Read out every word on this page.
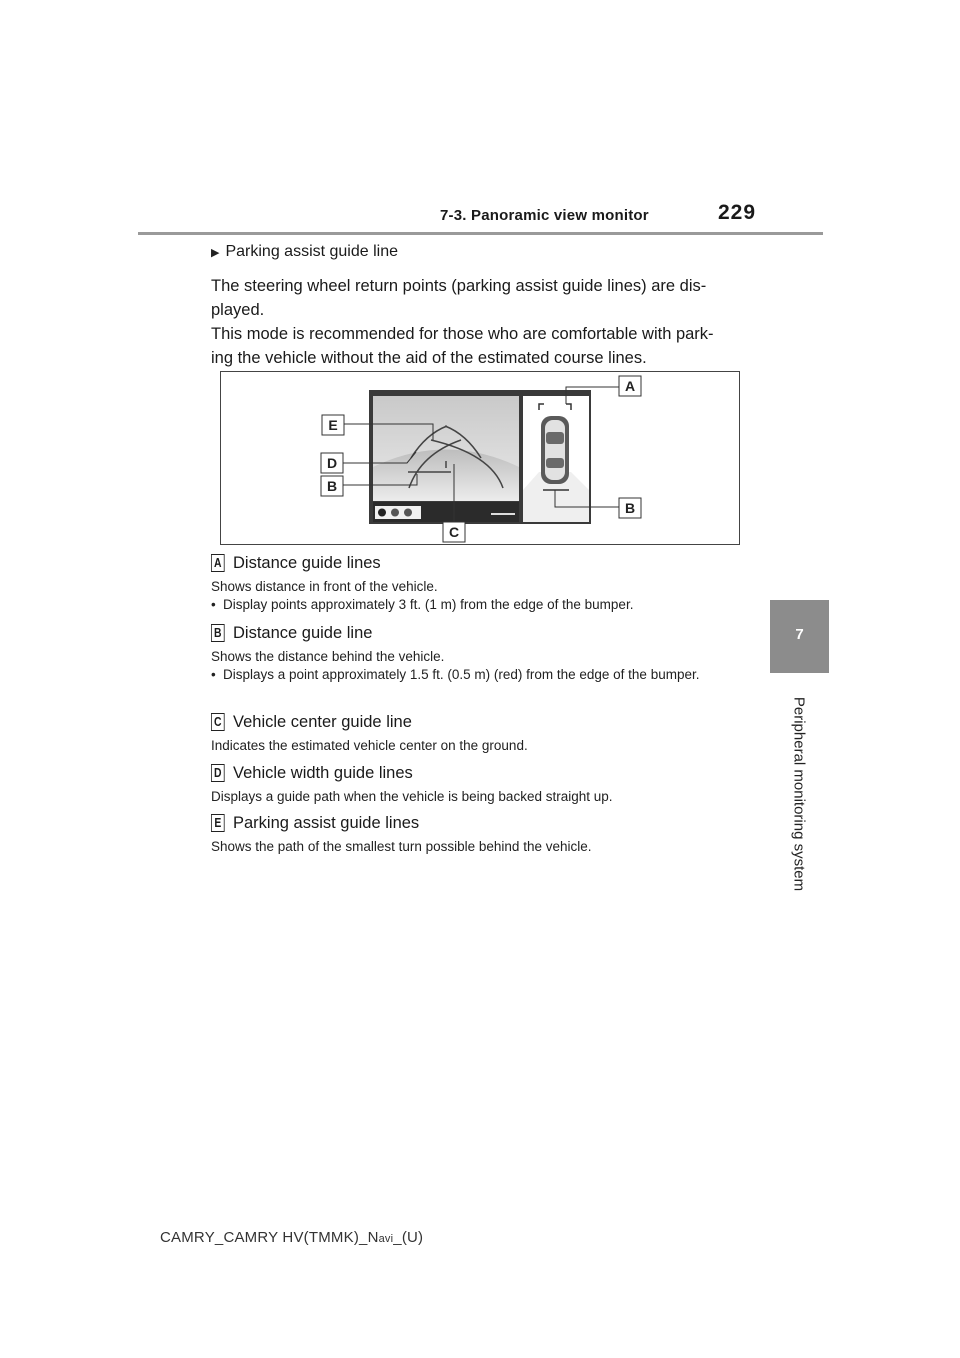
7-3. Panoramic view monitor	229
7
Peripheral monitoring system
▶ Parking assist guide line
The steering wheel return points (parking assist guide lines) are dis-
played.
This mode is recommended for those who are comfortable with park-
ing the vehicle without the aid of the estimated course lines.
A
E
D
B
C
B
A Distance guide lines
Shows distance in front of the vehicle.
• Display points approximately 3 ft. (1 m) from the edge of the bumper.
B Distance guide line
Shows the distance behind the vehicle.
• Displays a point approximately 1.5 ft. (0.5 m) (red) from the edge of the bumper.
C Vehicle center guide line
Indicates the estimated vehicle center on the ground.
D Vehicle width guide lines
Displays a guide path when the vehicle is being backed straight up.
E Parking assist guide lines
Shows the path of the smallest turn possible behind the vehicle.
CAMRY_CAMRY HV(TMMK)_Navi_(U)
